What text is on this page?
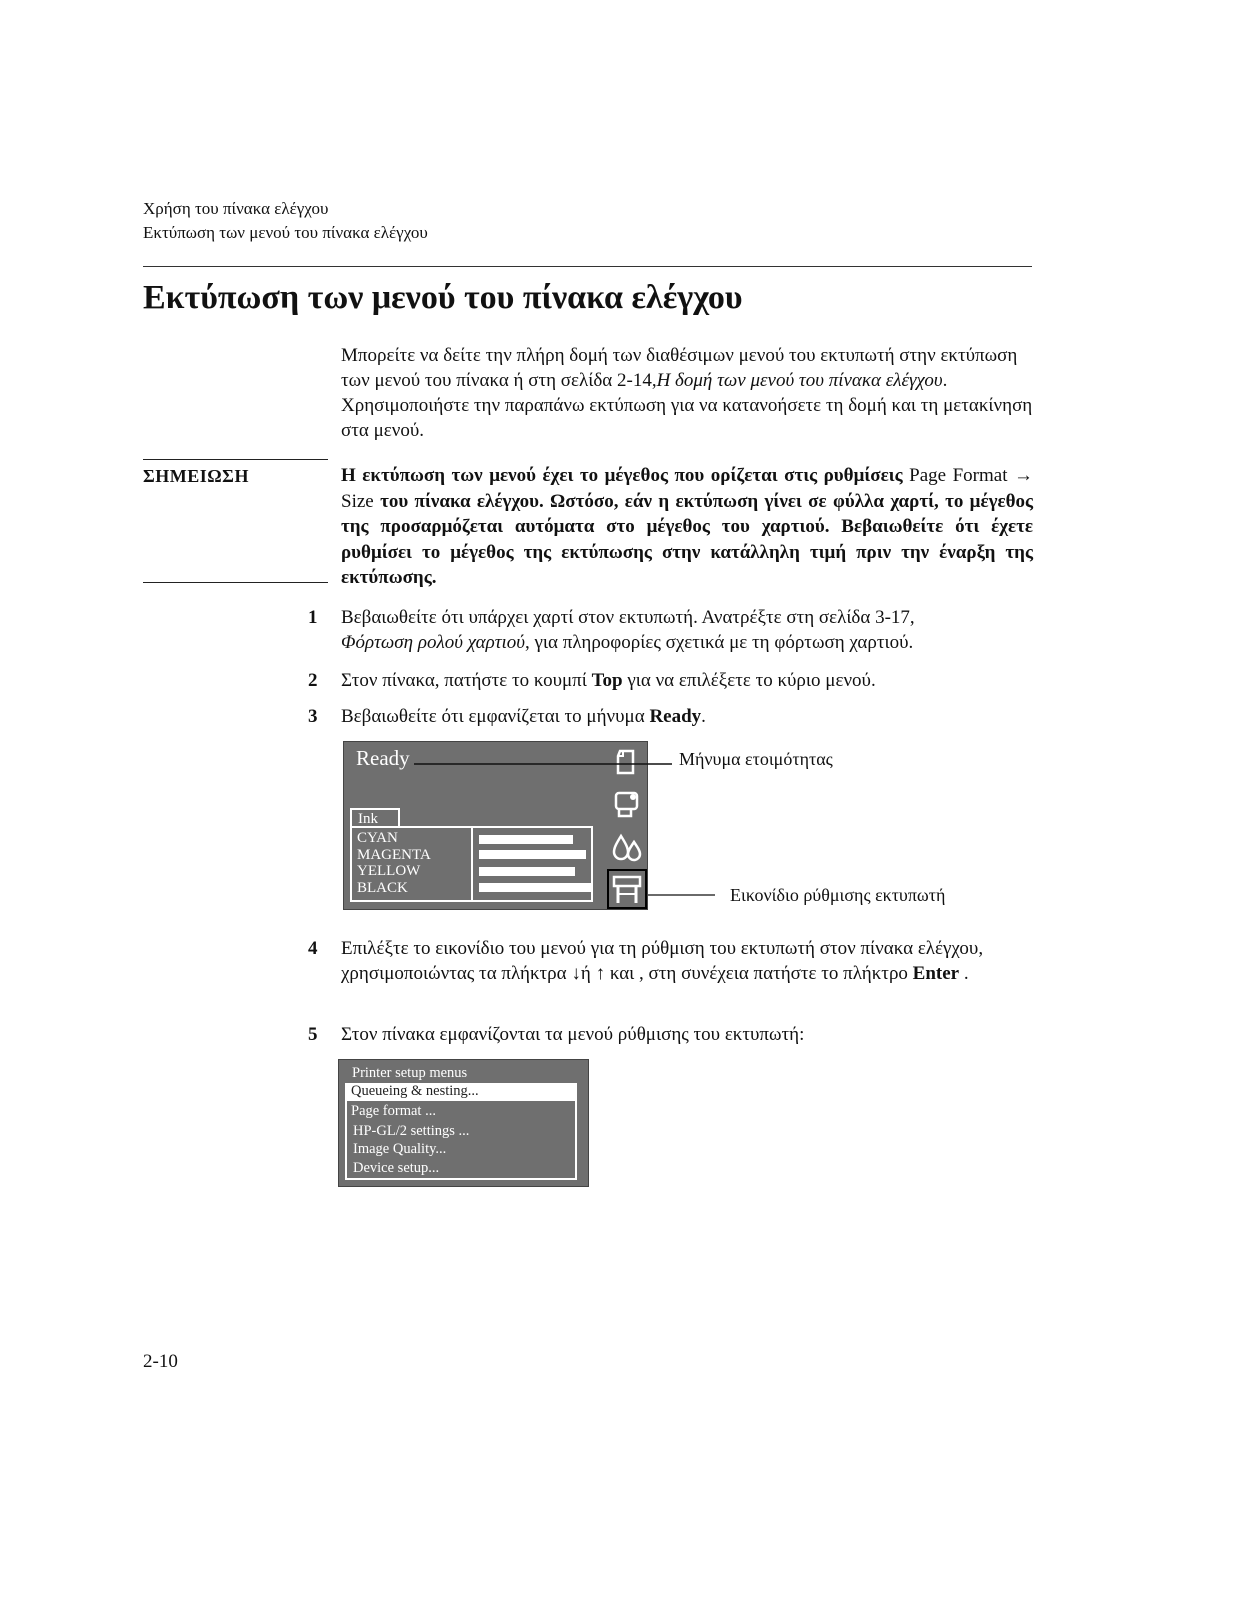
Χρήση του πίνακα ελέγχου
Εκτύπωση των μενού του πίνακα ελέγχου
Εκτύπωση των μενού του πίνακα ελέγχου
Μπορείτε να δείτε την πλήρη δομή των διαθέσιμων μενού του εκτυπωτή στην εκτύπωση των μενού του πίνακα ή στη σελίδα 2-14,Η δομή των μενού του πίνακα ελέγχου. Χρησιμοποιήστε την παραπάνω εκτύπωση για να κατανοήσετε τη δομή και τη μετακίνηση στα μενού.
ΣΗΜΕΙΩΣΗ	Η εκτύπωση των μενού έχει το μέγεθος που ορίζεται στις ρυθμίσεις Page Format → Size του πίνακα ελέγχου. Ωστόσο, εάν η εκτύπωση γίνει σε φύλλα χαρτί, το μέγεθος της προσαρμόζεται αυτόματα στο μέγεθος του χαρτιού. Βεβαιωθείτε ότι έχετε ρυθμίσει το μέγεθος της εκτύπωσης στην κατάλληλη τιμή πριν την έναρξη της εκτύπωσης.
1 Βεβαιωθείτε ότι υπάρχει χαρτί στον εκτυπωτή. Ανατρέξτε στη σελίδα 3-17,
Φόρτωση ρολού χαρτιού, για πληροφορίες σχετικά με τη φόρτωση χαρτιού.
2 Στον πίνακα, πατήστε το κουμπί Top για να επιλέξετε το κύριο μενού.
3 Βεβαιωθείτε ότι εμφανίζεται το μήνυμα Ready.
Ready
Ink
CYAN
MAGENTA
YELLOW
BLACK
Μήνυμα ετοιμότητας
Εικονίδιο ρύθμισης εκτυπωτή
4 Επιλέξτε το εικονίδιο του μενού για τη ρύθμιση του εκτυπωτή στον πίνακα ελέγχου, χρησιμοποιώντας τα πλήκτρα ↓ή ↑ και , στη συνέχεια πατήστε το πλήκτρο Enter .
5 Στον πίνακα εμφανίζονται τα μενού ρύθμισης του εκτυπωτή:
Printer setup menus
Queueing & nesting...
Page format ...
HP-GL/2 settings ...
Image Quality...
Device setup...
2-10
